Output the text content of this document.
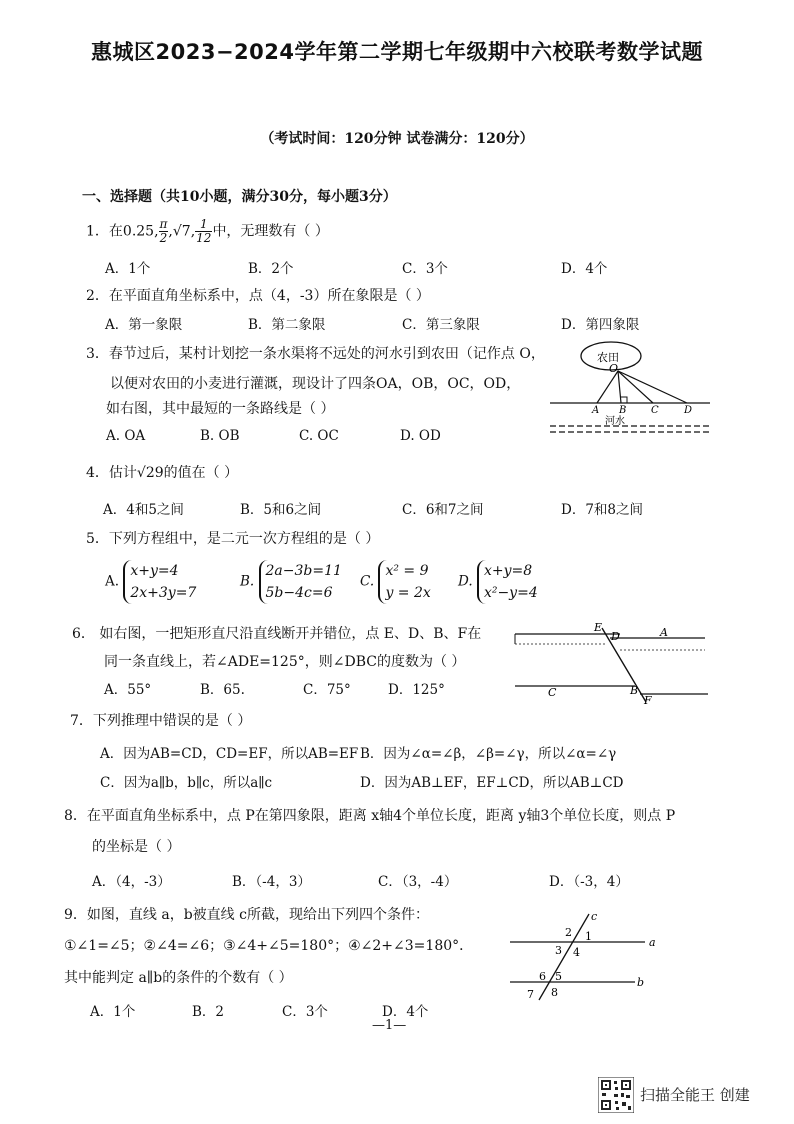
惠城区2023−2024学年第二学期七年级期中六校联考数学试题
（考试时间：120分钟 试卷满分：120分）
一、选择题（共10小题，满分30分，每小题3分）
1．在0.25, $\frac{\pi}{2} ,√7$, $\frac{1}{12}$ 中，无理数有（ ）
A．1个	B．2个	C．3个	D．4个
2．在平面直角坐标系中，点（4，-3）所在象限是（ ）
A．第一象限	B．第二象限	C．第三象限	D．第四象限
3．春节过后，某村计划挖一条水渠将不远处的河水引到农田（记作点 O，
以便对农田的小麦进行灌溉，现设计了四条OA，OB，OC，OD，
如右图，其中最短的一条路线是（ ）
A. OA	B. OB	C. OC	D. OD
农田
O
A B C	D
河水
4．估计√29的值在（ ）
A．4和5之间	B．5和6之间	C．6和7之间	D．7和8之间
5．下列方程组中，是二元一次方程组的是（ ）
A. x+y=4
2x+3y=7
B. 2a−3b=11
5b−4c=6
C. x² = 9
y = 2x
D. x+y=8
x²−y=4
6． 如右图，一把矩形直尺沿直线断开并错位，点 E、D、B、F在
同一条直线上，若∠ADE=125°，则∠DBC的度数为（ ）
A．55°	B．65.	C．75°	D．125°
E
D	A
C	B
F
7．下列推理中错误的是（ ）
A．因为AB=CD，CD=EF，所以AB=EF B．因为∠α=∠β，∠β=∠γ，所以∠α=∠γ
C．因为a∥b，b∥c，所以a∥c	D．因为AB⊥EF，EF⊥CD，所以AB⊥CD
8．在平面直角坐标系中，点 P在第四象限，距离 x轴4个单位长度，距离 y轴3个单位长度，则点 P
的坐标是（ ）
A．（4，-3）	B．（-4，3）	C．（3，-4）	D．（-3，4）
9．如图，直线 a，b被直线 c所截，现给出下列四个条件：
①∠1=∠5；②∠4=∠6；③∠4+∠5=180°；④∠2+∠3=180°．
其中能判定 a∥b的条件的个数有（ ）
A．1个	B．2	C．3个	D．4个
c
a
b
2 1
3 4
6 5
7 8
—1—
扫描全能王 创建
